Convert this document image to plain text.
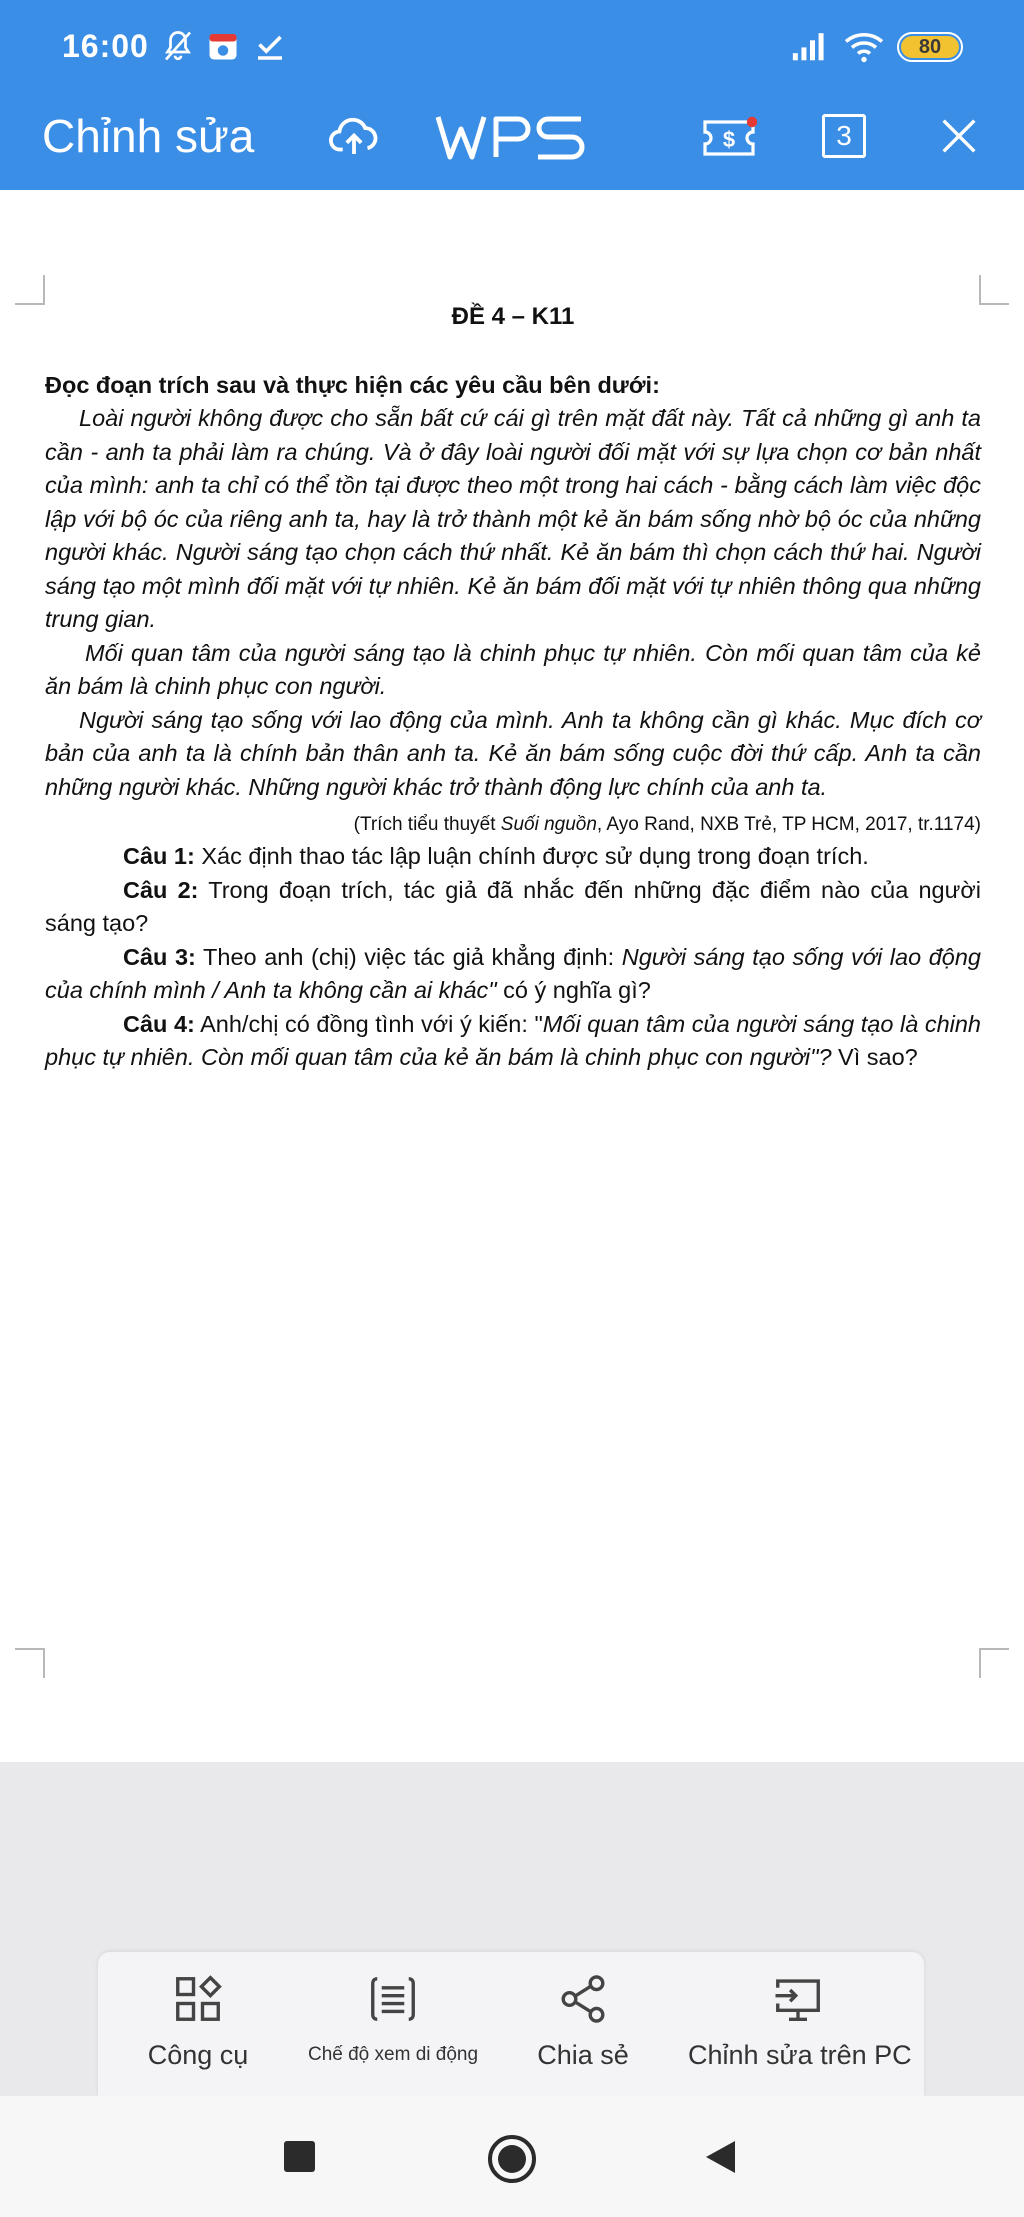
16:00	80
Chỉnh sửa	$	3
ĐỀ 4 – K11
Đọc đoạn trích sau và thực hiện các yêu cầu bên dưới:

Loài người không được cho sẵn bất cứ cái gì trên mặt đất này. Tất cả những gì anh ta cần - anh ta phải làm ra chúng. Và ở đây loài người đối mặt với sự lựa chọn cơ bản nhất của mình: anh ta chỉ có thể tồn tại được theo một trong hai cách - bằng cách làm việc độc lập với bộ óc của riêng anh ta, hay là trở thành một kẻ ăn bám sống nhờ bộ óc của những người khác. Người sáng tạo chọn cách thứ nhất. Kẻ ăn bám thì chọn cách thứ hai. Người sáng tạo một mình đối mặt với tự nhiên. Kẻ ăn bám đối mặt với tự nhiên thông qua những trung gian.

Mối quan tâm của người sáng tạo là chinh phục tự nhiên. Còn mối quan tâm của kẻ ăn bám là chinh phục con người.

Người sáng tạo sống với lao động của mình. Anh ta không cần gì khác. Mục đích cơ bản của anh ta là chính bản thân anh ta. Kẻ ăn bám sống cuộc đời thứ cấp. Anh ta cần những người khác. Những người khác trở thành động lực chính của anh ta.

(Trích tiểu thuyết Suối nguồn, Ayo Rand, NXB Trẻ, TP HCM, 2017, tr.1174)

Câu 1: Xác định thao tác lập luận chính được sử dụng trong đoạn trích.

Câu 2: Trong đoạn trích, tác giả đã nhắc đến những đặc điểm nào của người sáng tạo?

Câu 3: Theo anh (chị) việc tác giả khẳng định: Người sáng tạo sống với lao động của chính mình / Anh ta không cần ai khác" có ý nghĩa gì?

Câu 4: Anh/chị có đồng tình với ý kiến: "Mối quan tâm của người sáng tạo là chinh phục tự nhiên. Còn mối quan tâm của kẻ ăn bám là chinh phục con người"? Vì sao?

Công cụ	Chế độ xem di động	Chia sẻ	Chỉnh sửa trên PC
